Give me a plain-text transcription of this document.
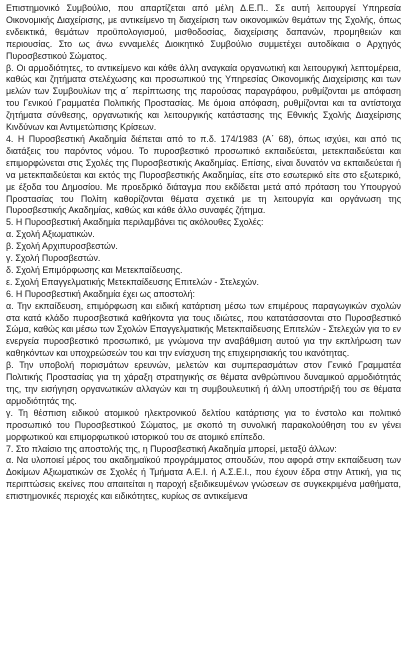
Επιστημονικό Συμβούλιο, που απαρτίζεται από μέλη Δ.Ε.Π.. Σε αυτή λειτουργεί Υπηρεσία Οικονομικής Διαχείρισης, με αντικείμενο τη διαχείριση των οικονομικών θεμάτων της Σχολής, όπως ενδεικτικά, θεμάτων προϋπολογισμού, μισθοδοσίας, διαχείρισης δαπανών, προμηθειών και περιουσίας. Στο ως άνω ενναμελές Διοικητικό Συμβούλιο συμμετέχει αυτοδίκαια ο Αρχηγός Πυροσβεστικού Σώματος.

β. Οι αρμοδιότητες, το αντικείμενο και κάθε άλλη αναγκαία οργανωτική και λειτουργική λεπτομέρεια, καθώς και ζητήματα στελέχωσης και προσωπικού της Υπηρεσίας Οικονομικής Διαχείρισης και των μελών των Συμβουλίων της α΄ περίπτωσης της παρούσας παραγράφου, ρυθμίζονται με απόφαση του Γενικού Γραμματέα Πολιτικής Προστασίας. Με όμοια απόφαση, ρυθμίζονται και τα αντίστοιχα ζητήματα σύνθεσης, οργανωτικής και λειτουργικής κατάστασης της Εθνικής Σχολής Διαχείρισης Κινδύνων και Αντιμετώπισης Κρίσεων.

4. Η Πυροσβεστική Ακαδημία διέπεται από το π.δ. 174/1983 (Α΄ 68), όπως ισχύει, και από τις διατάξεις του παρόντος νόμου. Το πυροσβεστικό προσωπικό εκπαιδεύεται, μετεκπαιδεύεται και επιμορφώνεται στις Σχολές της Πυροσβεστικής Ακαδημίας. Επίσης, είναι δυνατόν να εκπαιδεύεται ή να μετεκπαιδεύεται και εκτός της Πυροσβεστικής Ακαδημίας, είτε στο εσωτερικό είτε στο εξωτερικό, με έξοδα του Δημοσίου. Με προεδρικό διάταγμα που εκδίδεται μετά από πρόταση του Υπουργού Προστασίας του Πολίτη καθορίζονται θέματα σχετικά με τη λειτουργία και οργάνωση της Πυροσβεστικής Ακαδημίας, καθώς και κάθε άλλο συναφές ζήτημα.

5. Η Πυροσβεστική Ακαδημία περιλαμβάνει τις ακόλουθες Σχολές:

α. Σχολή Αξιωματικών.

β. Σχολή Αρχιπυροσβεστών.

γ. Σχολή Πυροσβεστών.

δ. Σχολή Επιμόρφωσης και Μετεκπαίδευσης.

ε. Σχολή Επαγγελματικής Μετεκπαίδευσης Επιτελών - Στελεχών.

6. Η Πυροσβεστική Ακαδημία έχει ως αποστολή:

α. Την εκπαίδευση, επιμόρφωση και ειδική κατάρτιση μέσω των επιμέρους παραγωγικών σχολών στα κατά κλάδο πυροσβεστικά καθήκοντα για τους ιδιώτες, που κατατάσσονται στο Πυροσβεστικό Σώμα, καθώς και μέσω των Σχολών Επαγγελματικής Μετεκπαίδευσης Επιτελών - Στελεχών για το εν ενεργεία πυροσβεστικό προσωπικό, με γνώμονα την αναβάθμιση αυτού για την εκπλήρωση των καθηκόντων και υποχρεώσεών του και την ενίσχυση της επιχειρησιακής του ικανότητας.

β. Την υποβολή πορισμάτων ερευνών, μελετών και συμπερασμάτων στον Γενικό Γραμματέα Πολιτικής Προστασίας για τη χάραξη στρατηγικής σε θέματα ανθρώπινου δυναμικού αρμοδιότητάς της, την εισήγηση οργανωτικών αλλαγών και τη συμβουλευτική ή άλλη υποστήριξή του σε θέματα αρμοδιότητάς της.

γ. Τη θέσπιση ειδικού ατομικού ηλεκτρονικού δελτίου κατάρτισης για το ένστολο και πολιτικό προσωπικό του Πυροσβεστικού Σώματος, με σκοπό τη συνολική παρακολούθηση του εν γένει μορφωτικού και επιμορφωτικού ιστορικού του σε ατομικό επίπεδο.

7. Στο πλαίσιο της αποστολής της, η Πυροσβεστική Ακαδημία μπορεί, μεταξύ άλλων:

α. Να υλοποιεί μέρος του ακαδημαϊκού προγράμματος σπουδών, που αφορά στην εκπαίδευση των Δοκίμων Αξιωματικών σε Σχολές ή Τμήματα Α.Ε.Ι. ή Α.Σ.Ε.Ι., που έχουν έδρα στην Αττική, για τις περιπτώσεις εκείνες που απαιτείται η παροχή εξειδικευμένων γνώσεων σε συγκεκριμένα μαθήματα, επιστημονικές περιοχές και ειδικότητες, κυρίως σε αντικείμενα
